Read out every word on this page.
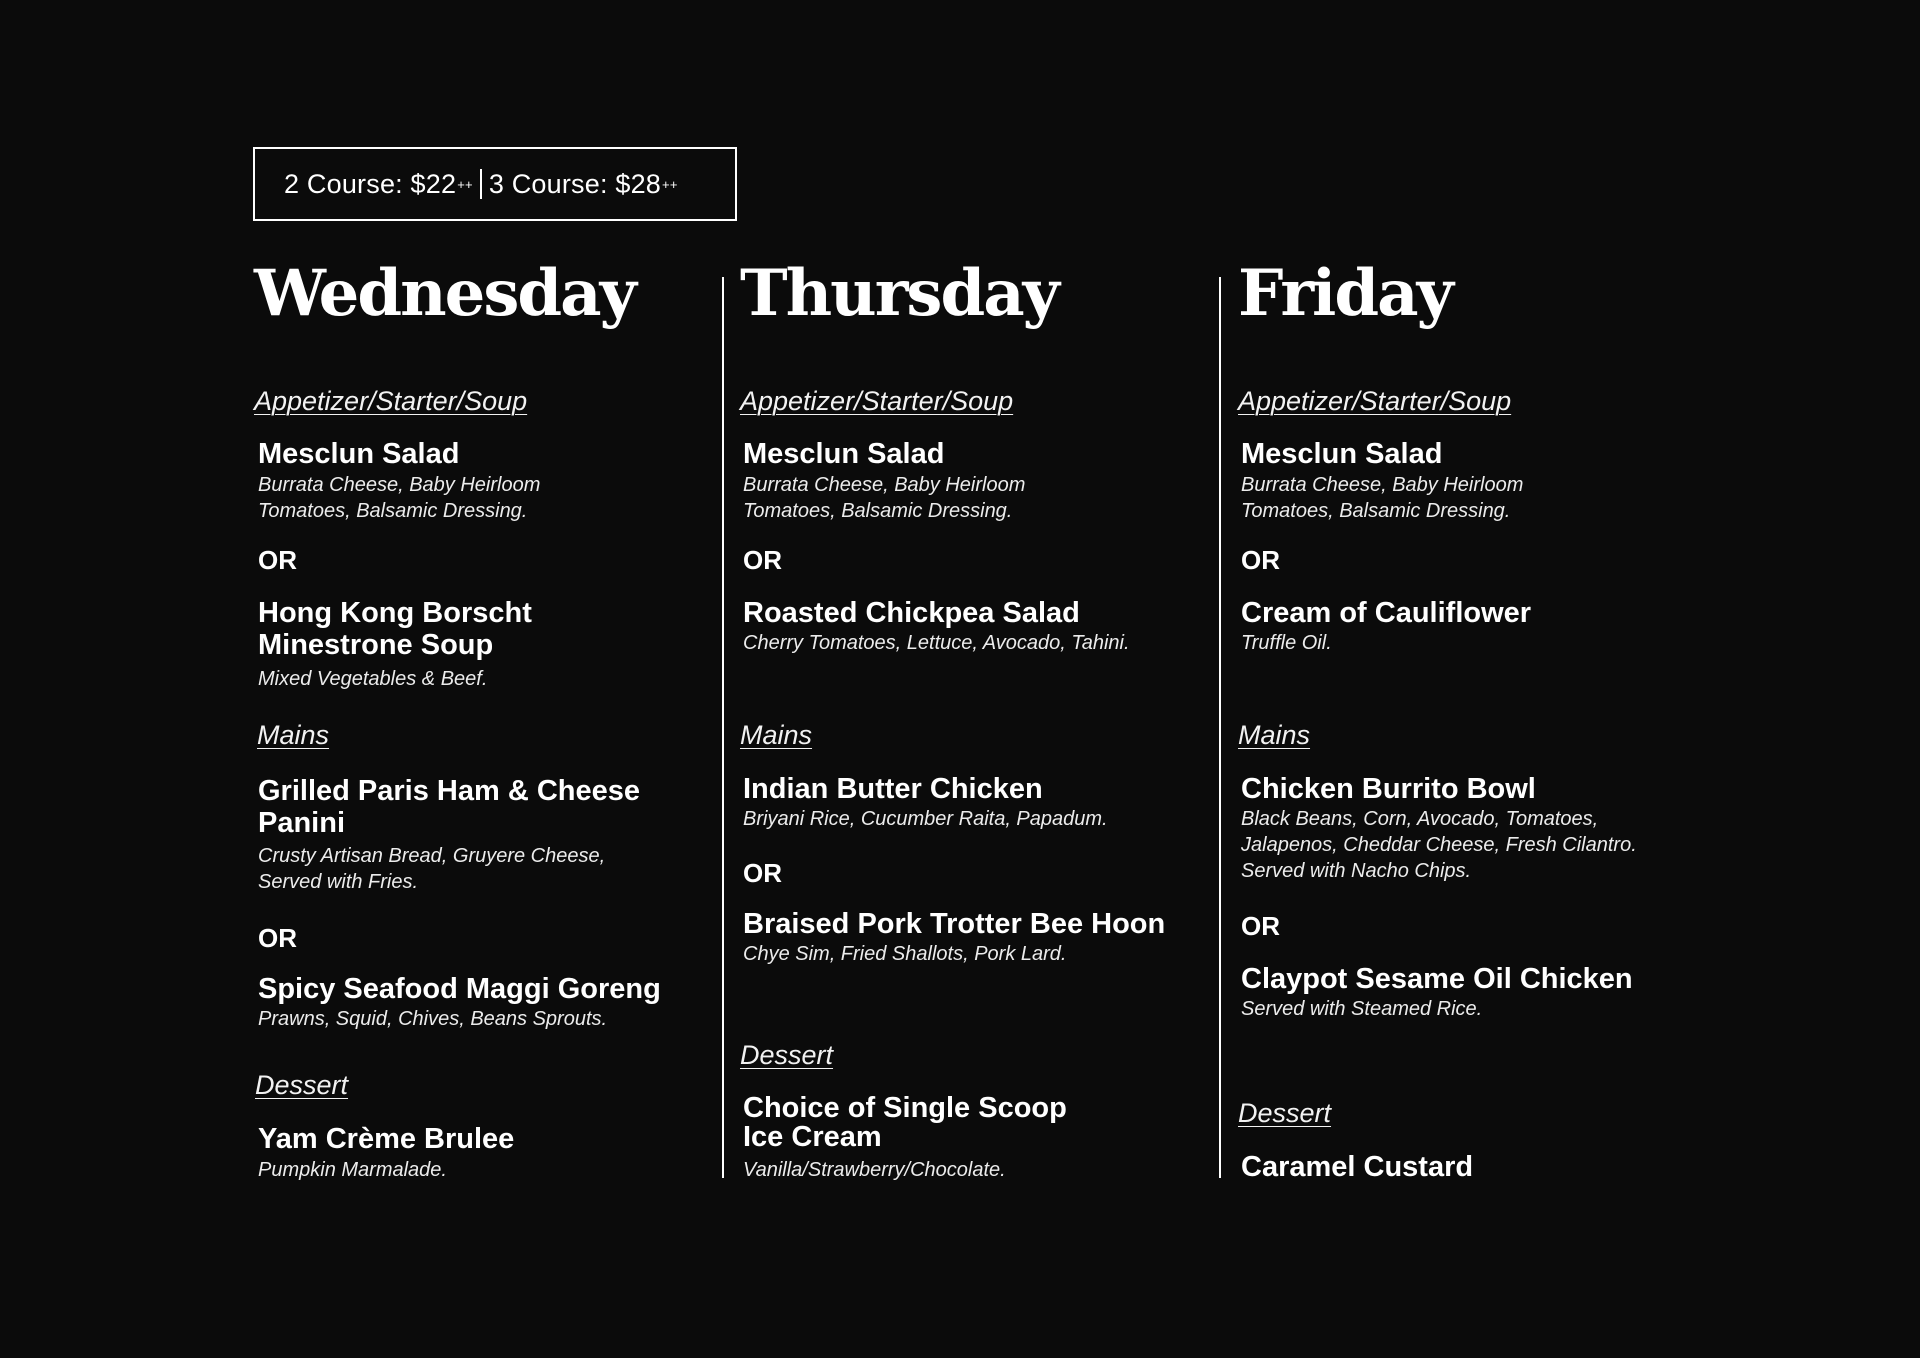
2 Course: $22 ++ 3 Course: $28 ++
Wednesday
Appetizer/Starter/Soup
Mesclun Salad
Burrata Cheese, Baby Heirloom
Tomatoes, Balsamic Dressing.
OR
Hong Kong Borscht
Minestrone Soup
Mixed Vegetables & Beef.
Mains
Grilled Paris Ham & Cheese
Panini
Crusty Artisan Bread, Gruyere Cheese,
Served with Fries.
OR
Spicy Seafood Maggi Goreng
Prawns, Squid, Chives, Beans Sprouts.
Dessert
Yam Crème Brulee
Pumpkin Marmalade.
Thursday
Appetizer/Starter/Soup
Mesclun Salad
Burrata Cheese, Baby Heirloom
Tomatoes, Balsamic Dressing.
OR
Roasted Chickpea Salad
Cherry Tomatoes, Lettuce, Avocado, Tahini.
Mains
Indian Butter Chicken
Briyani Rice, Cucumber Raita, Papadum.
OR
Braised Pork Trotter Bee Hoon
Chye Sim, Fried Shallots, Pork Lard.
Dessert
Choice of Single Scoop
Ice Cream
Vanilla/Strawberry/Chocolate.
Friday
Appetizer/Starter/Soup
Mesclun Salad
Burrata Cheese, Baby Heirloom
Tomatoes, Balsamic Dressing.
OR
Cream of Cauliflower
Truffle Oil.
Mains
Chicken Burrito Bowl
Black Beans, Corn, Avocado, Tomatoes,
Jalapenos, Cheddar Cheese, Fresh Cilantro.
Served with Nacho Chips.
OR
Claypot Sesame Oil Chicken
Served with Steamed Rice.
Dessert
Caramel Custard
